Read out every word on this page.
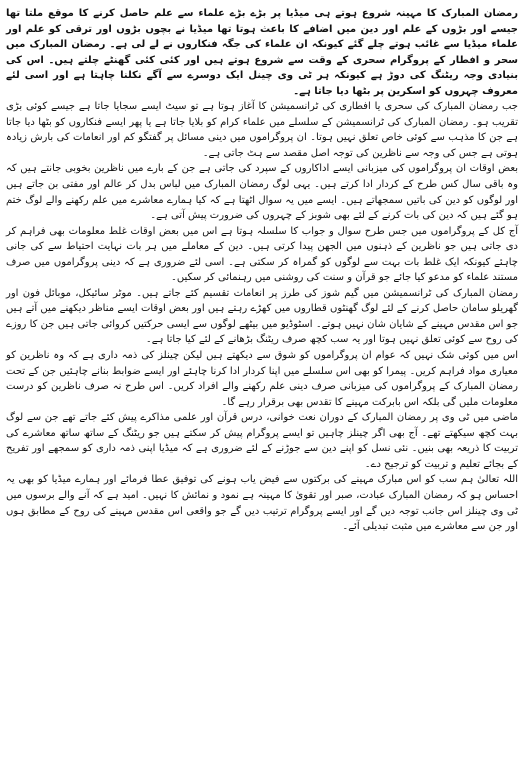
رمضان المبارک کا مہینہ شروع ہوتے ہی میڈیا پر بڑے بڑے علماء سے علم حاصل کرنے کا موقع ملتا تھا جیسے اور بڑوں کے علم اور دین میں اضافے کا باعث ہوتا تھا میڈیا نے بچوں بڑوں اور ترقی کو علم اور علماء میڈیا سے غائب ہوتے چلے گئے کیونکہ ان علماء کی جگہ فنکاروں نے لے لی ہے۔ رمضان المبارک میں سحر و افطار کے پروگرام سحری کے وقت سے شروع ہوتے ہیں اور کئی کئی گھنٹے چلتے ہیں۔ اس کی بنیادی وجہ ریٹنگ کی دوڑ ہے کیونکہ ہر ٹی وی چینل ایک دوسرے سے آگے نکلنا چاہتا ہے اور اسی لئے معروف چہروں کو اسکرین پر بٹھا دیا جاتا ہے۔

جب رمضان المبارک کی سحری یا افطاری کی ٹرانسمیشن کا آغاز ہوتا ہے تو سیٹ ایسے سجایا جاتا ہے جیسے کوئی بڑی تقریب ہو۔ رمضان المبارک کی ٹرانسمیشن کے سلسلے میں علماء کرام کو بلایا جاتا ہے یا پھر ایسے فنکاروں کو بٹھا دیا جاتا ہے جن کا مذہب سے کوئی خاص تعلق نہیں ہوتا۔ ان پروگراموں میں دینی مسائل پر گفتگو کم اور انعامات کی بارش زیادہ ہوتی ہے جس کی وجہ سے ناظرین کی توجہ اصل مقصد سے ہٹ جاتی ہے۔

بعض اوقات ان پروگراموں کی میزبانی ایسے اداکاروں کے سپرد کی جاتی ہے جن کے بارے میں ناظرین بخوبی جانتے ہیں کہ وہ باقی سال کس طرح کے کردار ادا کرتے ہیں۔ یہی لوگ رمضان المبارک میں لباس بدل کر عالم اور مفتی بن جاتے ہیں اور لوگوں کو دین کی باتیں سمجھاتے ہیں۔ ایسے میں یہ سوال اٹھتا ہے کہ کیا ہمارے معاشرے میں علم رکھنے والے لوگ ختم ہو گئے ہیں کہ دین کی بات کرنے کے لئے بھی شوبز کے چہروں کی ضرورت پیش آتی ہے۔

آج کل کے پروگراموں میں جس طرح سوال و جواب کا سلسلہ ہوتا ہے اس میں بعض اوقات غلط معلومات بھی فراہم کر دی جاتی ہیں جو ناظرین کے ذہنوں میں الجھن پیدا کرتی ہیں۔ دین کے معاملے میں ہر بات نہایت احتیاط سے کی جانی چاہئے کیونکہ ایک غلط بات بہت سے لوگوں کو گمراہ کر سکتی ہے۔ اسی لئے ضروری ہے کہ دینی پروگراموں میں صرف مستند علماء کو مدعو کیا جائے جو قرآن و سنت کی روشنی میں رہنمائی کر سکیں۔

رمضان المبارک کی ٹرانسمیشن میں گیم شوز کی طرز پر انعامات تقسیم کئے جاتے ہیں۔ موٹر سائیکل، موبائل فون اور گھریلو سامان حاصل کرنے کے لئے لوگ گھنٹوں قطاروں میں کھڑے رہتے ہیں اور بعض اوقات ایسے مناظر دیکھنے میں آتے ہیں جو اس مقدس مہینے کے شایان شان نہیں ہوتے۔ اسٹوڈیو میں بیٹھے لوگوں سے ایسی حرکتیں کروائی جاتی ہیں جن کا روزے کی روح سے کوئی تعلق نہیں ہوتا اور یہ سب کچھ صرف ریٹنگ بڑھانے کے لئے کیا جاتا ہے۔

اس میں کوئی شک نہیں کہ عوام ان پروگراموں کو شوق سے دیکھتے ہیں لیکن چینلز کی ذمہ داری ہے کہ وہ ناظرین کو معیاری مواد فراہم کریں۔ پیمرا کو بھی اس سلسلے میں اپنا کردار ادا کرنا چاہئے اور ایسے ضوابط بنانے چاہئیں جن کے تحت رمضان المبارک کے پروگراموں کی میزبانی صرف دینی علم رکھنے والے افراد کریں۔ اس طرح نہ صرف ناظرین کو درست معلومات ملیں گی بلکہ اس بابرکت مہینے کا تقدس بھی برقرار رہے گا۔

ماضی میں ٹی وی پر رمضان المبارک کے دوران نعت خوانی، درس قرآن اور علمی مذاکرے پیش کئے جاتے تھے جن سے لوگ بہت کچھ سیکھتے تھے۔ آج بھی اگر چینلز چاہیں تو ایسے پروگرام پیش کر سکتے ہیں جو ریٹنگ کے ساتھ ساتھ معاشرے کی تربیت کا ذریعہ بھی بنیں۔ نئی نسل کو اپنے دین سے جوڑنے کے لئے ضروری ہے کہ میڈیا اپنی ذمہ داری کو سمجھے اور تفریح کے بجائے تعلیم و تربیت کو ترجیح دے۔

اللہ تعالیٰ ہم سب کو اس مبارک مہینے کی برکتوں سے فیض یاب ہونے کی توفیق عطا فرمائے اور ہمارے میڈیا کو بھی یہ احساس ہو کہ رمضان المبارک عبادت، صبر اور تقویٰ کا مہینہ ہے نمود و نمائش کا نہیں۔ امید ہے کہ آنے والے برسوں میں ٹی وی چینلز اس جانب توجہ دیں گے اور ایسے پروگرام ترتیب دیں گے جو واقعی اس مقدس مہینے کی روح کے مطابق ہوں اور جن سے معاشرے میں مثبت تبدیلی آئے۔
